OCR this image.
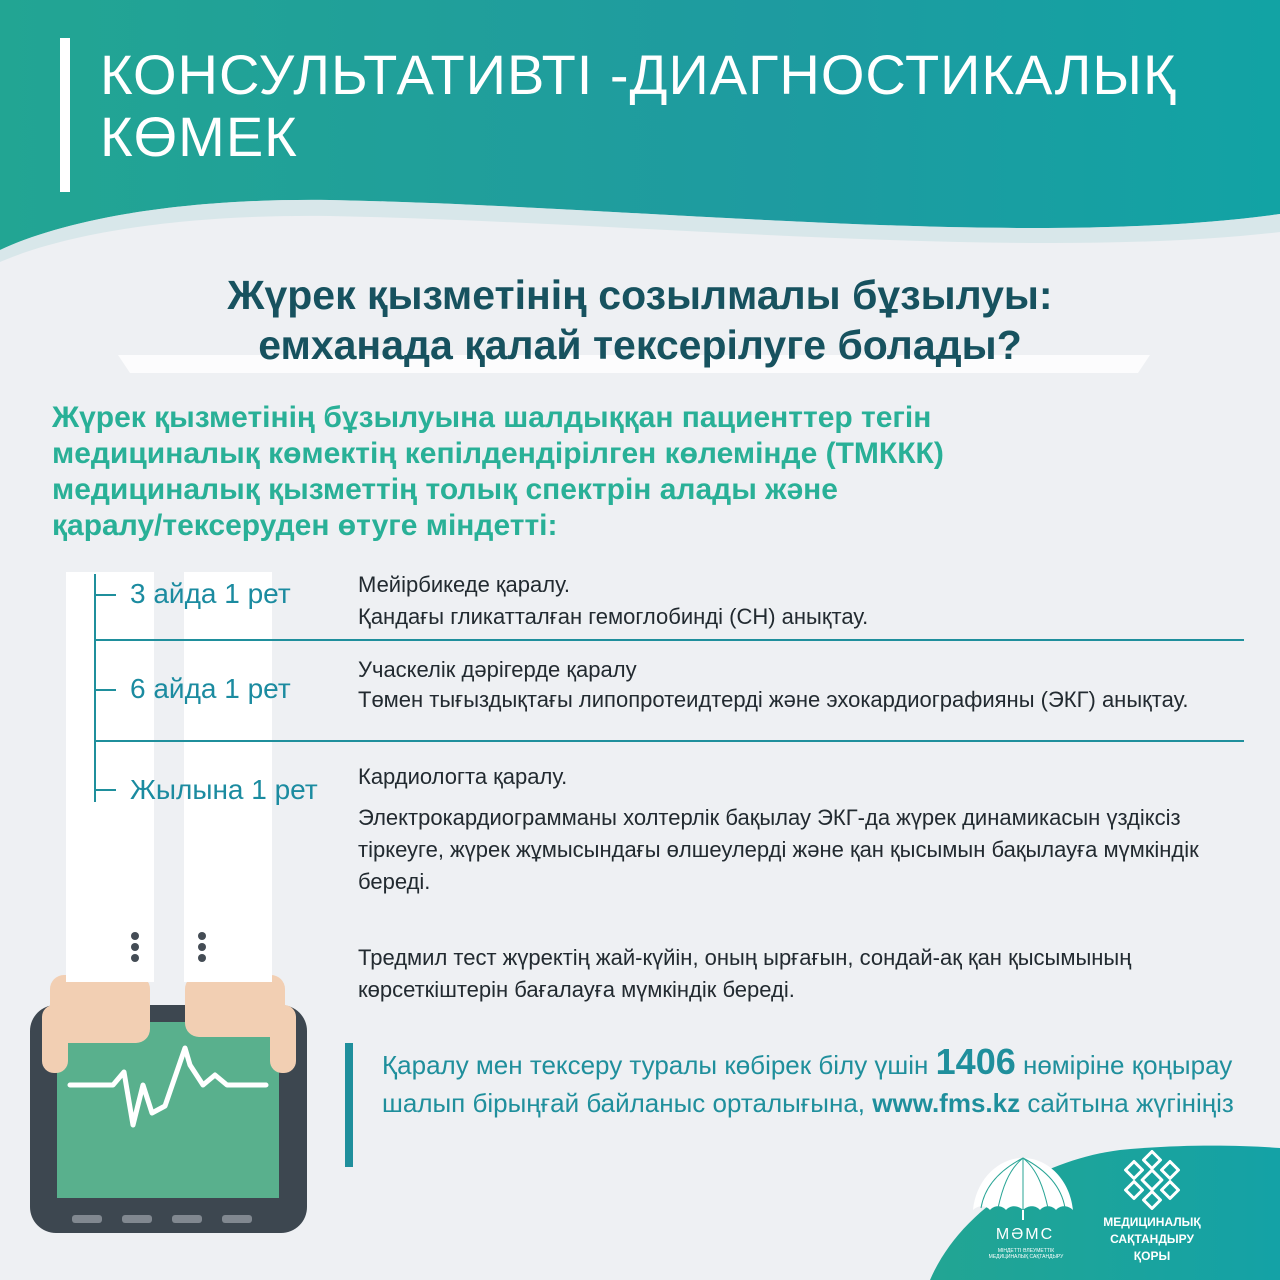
КОНСУЛЬТАТИВТІ -ДИАГНОСТИКАЛЫҚ
КӨМЕК
Жүрек қызметінің созылмалы бұзылуы:
емханада қалай тексерілуге болады?
Жүрек қызметінің бұзылуына шалдыққан пациенттер тегін
медициналық көмектің кепілдендірілген көлемінде (ТМККК)
медициналық қызметтің толық спектрін алады және
қаралу/тексеруден өтуге міндетті:
3 айда 1 рет	Мейірбикеде қаралу.
Қандағы гликатталған гемоглобинді (СН) анықтау.
6 айда 1 рет
Учаскелік дәрігерде қаралу
Төмен тығыздықтағы липопротеидтерді және эхокардиографияны (ЭКГ) анықтау.
Жылына 1 рет Кардиологта қаралу.
Электрокардиограмманы холтерлік бақылау ЭКГ-да жүрек динамикасын үздіксіз тіркеуге, жүрек жұмысындағы өлшеулерді және қан қысымын бақылауға мүмкіндік береді.
Тредмил тест жүректің жай-күйін, оның ырғағын, сондай-ақ қан қысымының көрсеткіштерін бағалауға мүмкіндік береді.
Қаралу мен тексеру туралы көбірек білу үшін 1406 нөміріне қоңырау шалып бірыңғай байланыс орталығына, www.fms.kz сайтына жүгініңіз
МӘМС
МІНДЕТТІ ӘЛЕУМЕТТІК МЕДИЦИНАЛЫҚ САҚТАНДЫРУ
МЕДИЦИНАЛЫҚ
САҚТАНДЫРУ
ҚОРЫ
